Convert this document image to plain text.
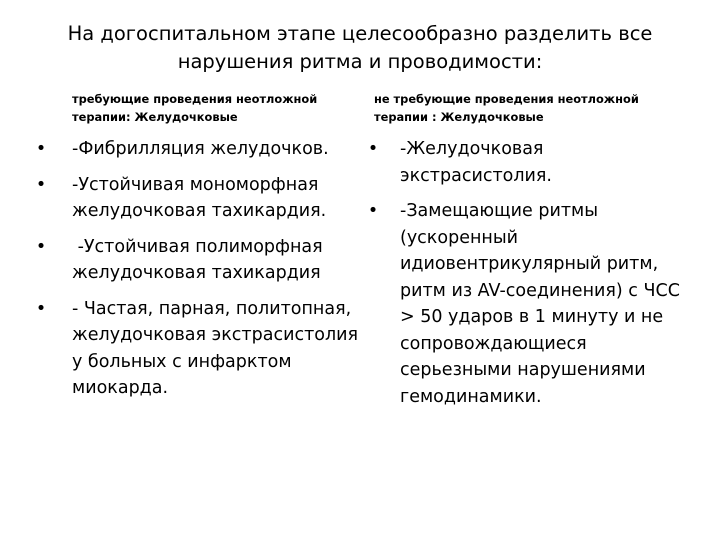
На догоспитальном этапе целесообразно разделить все нарушения ритма и проводимости:
требующие проведения неотложной терапии: Желудочковые
• -Фибрилляция желудочков.
• -Устойчивая мономорфная желудочковая тахикардия.
• -Устойчивая полиморфная желудочковая тахикардия
• - Частая, парная, политопная, желудочковая экстрасистолия у больных с инфарктом миокарда.
не требующие проведения неотложной терапии : Желудочковые
• -Желудочковая экстрасистолия.
• -Замещающие ритмы (ускоренный идиовентрикулярный ритм, ритм из AV-соединения) с ЧСС > 50 ударов в 1 минуту и не сопровождающиеся серьезными нарушениями гемодинамики.
